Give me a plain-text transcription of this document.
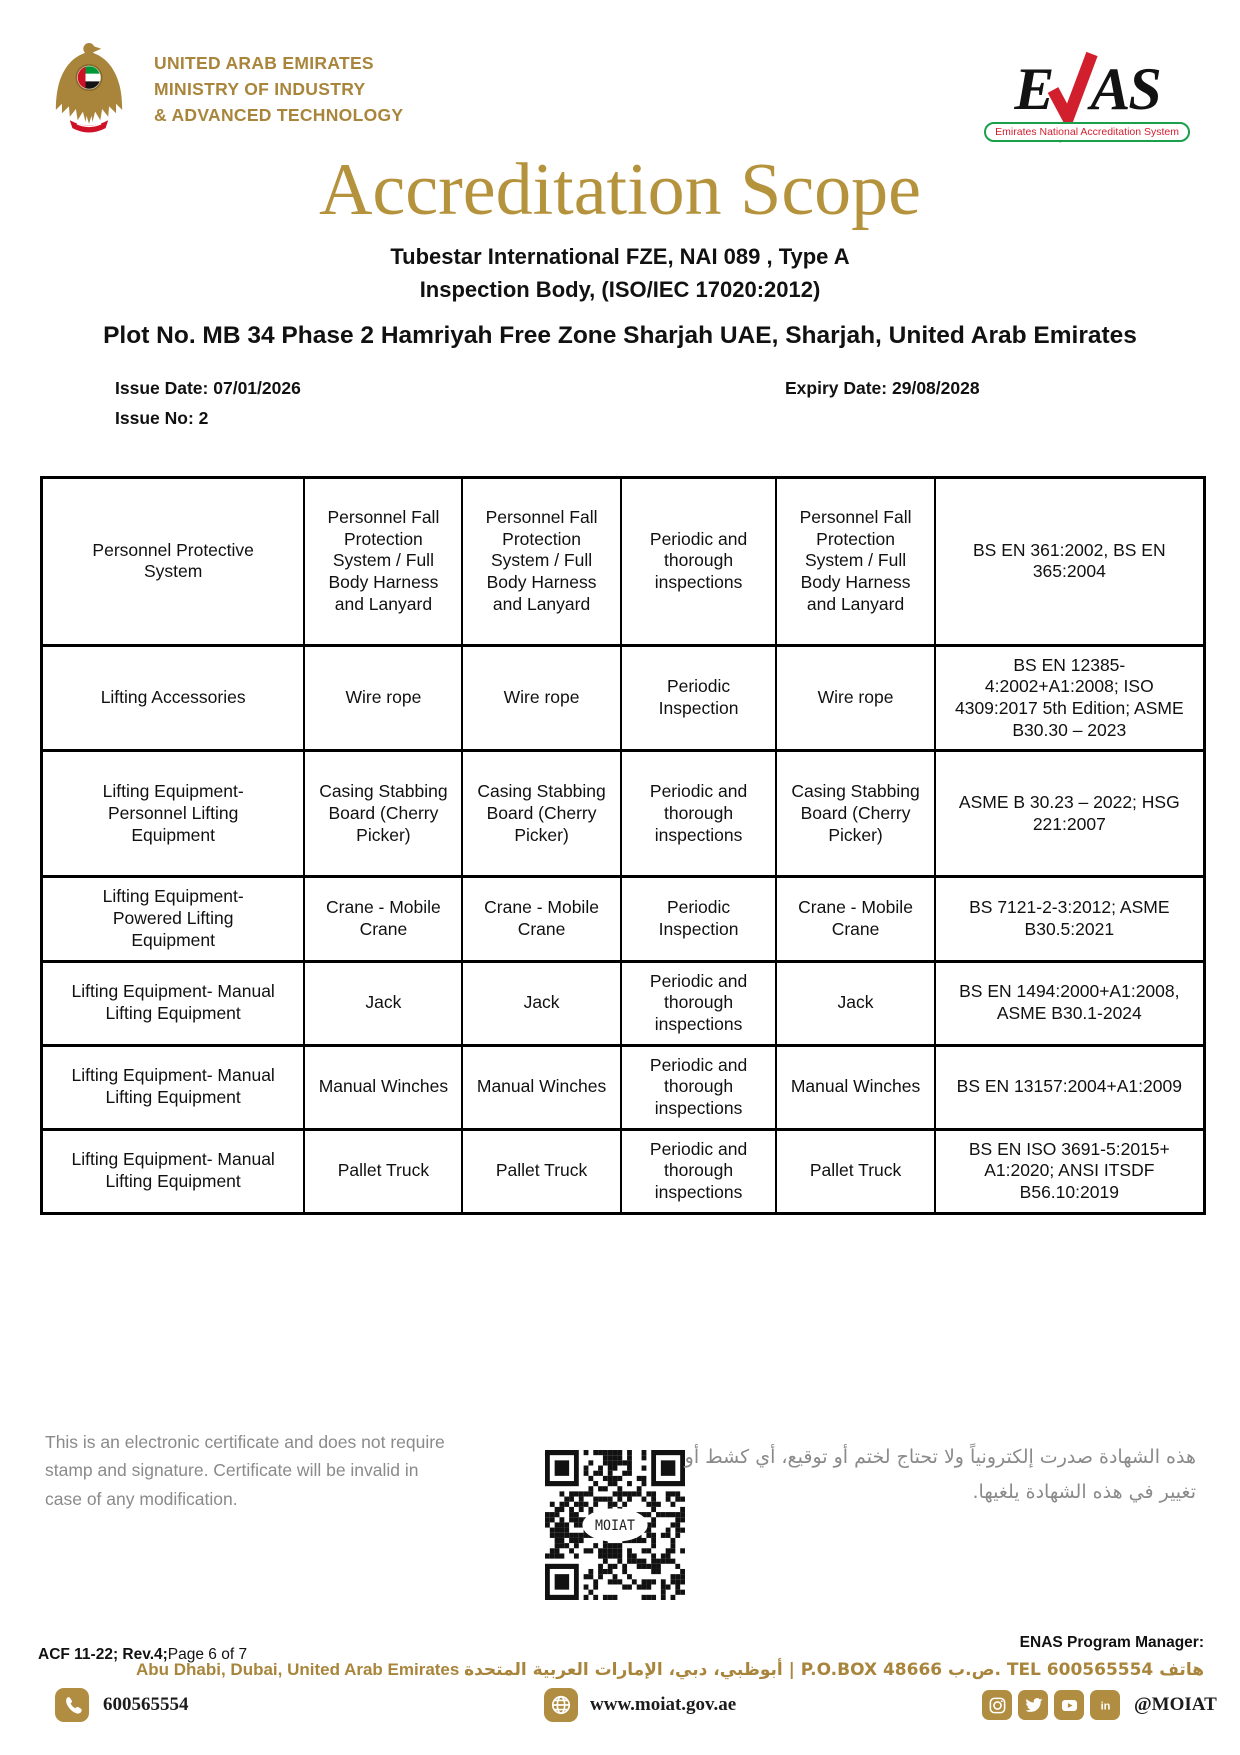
UNITED ARAB EMIRATES
MINISTRY OF INDUSTRY
& ADVANCED TECHNOLOGY	E AS
Emirates National Accreditation System
Accreditation Scope
Tubestar International FZE, NAI 089 , Type A
Inspection Body, (ISO/IEC 17020:2012)
Plot No. MB 34 Phase 2 Hamriyah Free Zone Sharjah UAE, Sharjah, United Arab Emirates
Issue Date: 07/01/2026	Expiry Date: 29/08/2028
Issue No: 2
Personnel Protective System	Personnel Fall Protection System / Full Body Harness and Lanyard	Personnel Fall Protection System / Full Body Harness and Lanyard	Periodic and thorough inspections	Personnel Fall Protection System / Full Body Harness and Lanyard	BS EN 361:2002, BS EN 365:2004
Lifting Accessories	Wire rope	Wire rope	Periodic Inspection	Wire rope	BS EN 12385-4:2002+A1:2008; ISO 4309:2017 5th Edition; ASME B30.30 – 2023
Lifting Equipment- Personnel Lifting Equipment	Casing Stabbing Board (Cherry Picker)	Casing Stabbing Board (Cherry Picker)	Periodic and thorough inspections	Casing Stabbing Board (Cherry Picker)	ASME B 30.23 – 2022; HSG 221:2007
Lifting Equipment- Powered Lifting Equipment	Crane - Mobile Crane	Crane - Mobile Crane	Periodic Inspection	Crane - Mobile Crane	BS 7121-2-3:2012; ASME B30.5:2021
Lifting Equipment- Manual Lifting Equipment	Jack	Jack	Periodic and thorough inspections	Jack	BS EN 1494:2000+A1:2008, ASME B30.1-2024
Lifting Equipment- Manual Lifting Equipment	Manual Winches	Manual Winches	Periodic and thorough inspections	Manual Winches	BS EN 13157:2004+A1:2009
Lifting Equipment- Manual Lifting Equipment	Pallet Truck	Pallet Truck	Periodic and thorough inspections	Pallet Truck	BS EN ISO 3691-5:2015+ A1:2020; ANSI ITSDF B56.10:2019
This is an electronic certificate and does not require stamp and signature. Certificate will be invalid in case of any modification.
MOIAT
هذه الشهادة صدرت إلكترونياً ولا تحتاج لختم أو توقيع، أي كشط أو تغيير في هذه الشهادة يلغيها.
ACF 11-22; Rev.4;Page 6 of 7
ENAS Program Manager:
Abu Dhabi, Dubai, United Arab Emirates أبوظبي، دبي، الإمارات العربية المتحدة | P.O.BOX 48666 ص.ب. TEL 600565554 هاتف
600565554	www.moiat.gov.ae	in @MOIAT
